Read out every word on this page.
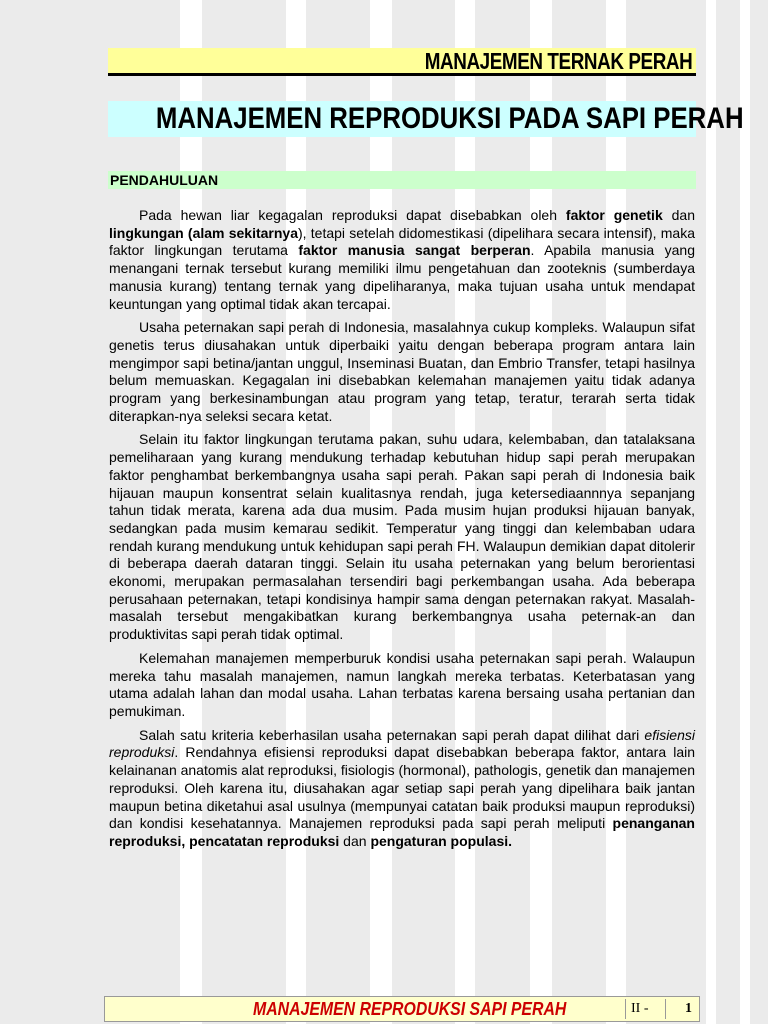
MANAJEMEN TERNAK PERAH
MANAJEMEN REPRODUKSI PADA SAPI PERAH
PENDAHULUAN

Pada hewan liar kegagalan reproduksi dapat disebabkan oleh faktor genetik dan lingkungan (alam sekitarnya), tetapi setelah didomestikasi (dipelihara secara intensif), maka faktor lingkungan terutama faktor manusia sangat berperan. Apabila manusia yang menangani ternak tersebut kurang memiliki ilmu pengetahuan dan zooteknis (sumberdaya manusia kurang) tentang ternak yang dipeliharanya, maka tujuan usaha untuk mendapat keuntungan yang optimal tidak akan tercapai.

Usaha peternakan sapi perah di Indonesia, masalahnya cukup kompleks. Walaupun sifat genetis terus diusahakan untuk diperbaiki yaitu dengan beberapa program antara lain mengimpor sapi betina/jantan unggul, Inseminasi Buatan, dan Embrio Transfer, tetapi hasilnya belum memuaskan. Kegagalan ini disebabkan kelemahan manajemen yaitu tidak adanya program yang berkesinambungan atau program yang tetap, teratur, terarah serta tidak diterapkan-nya seleksi secara ketat.

Selain itu faktor lingkungan terutama pakan, suhu udara, kelembaban, dan tatalaksana pemeliharaan yang kurang mendukung terhadap kebutuhan hidup sapi perah merupakan faktor penghambat berkembangnya usaha sapi perah. Pakan sapi perah di Indonesia baik hijauan maupun konsentrat selain kualitasnya rendah, juga ketersediaannnya sepanjang tahun tidak merata, karena ada dua musim. Pada musim hujan produksi hijauan banyak, sedangkan pada musim kemarau sedikit. Temperatur yang tinggi dan kelembaban udara rendah kurang mendukung untuk kehidupan sapi perah FH. Walaupun demikian dapat ditolerir di beberapa daerah dataran tinggi. Selain itu usaha peternakan yang belum berorientasi ekonomi, merupakan permasalahan tersendiri bagi perkembangan usaha. Ada beberapa perusahaan peternakan, tetapi kondisinya hampir sama dengan peternakan rakyat. Masalah-masalah tersebut mengakibatkan kurang berkembangnya usaha peternak-an dan produktivitas sapi perah tidak optimal.

Kelemahan manajemen memperburuk kondisi usaha peternakan sapi perah. Walaupun mereka tahu masalah manajemen, namun langkah mereka terbatas. Keterbatasan yang utama adalah lahan dan modal usaha. Lahan terbatas karena bersaing usaha pertanian dan pemukiman.

Salah satu kriteria keberhasilan usaha peternakan sapi perah dapat dilihat dari efisiensi reproduksi. Rendahnya efisiensi reproduksi dapat disebabkan beberapa faktor, antara lain kelainanan anatomis alat reproduksi, fisiologis (hormonal), pathologis, genetik dan manajemen reproduksi. Oleh karena itu, diusahakan agar setiap sapi perah yang dipelihara baik jantan maupun betina diketahui asal usulnya (mempunyai catatan baik produksi maupun reproduksi) dan kondisi kesehatannya. Manajemen reproduksi pada sapi perah meliputi penanganan reproduksi, pencatatan reproduksi dan pengaturan populasi.

MANAJEMEN REPRODUKSI SAPI PERAH	II -	1
